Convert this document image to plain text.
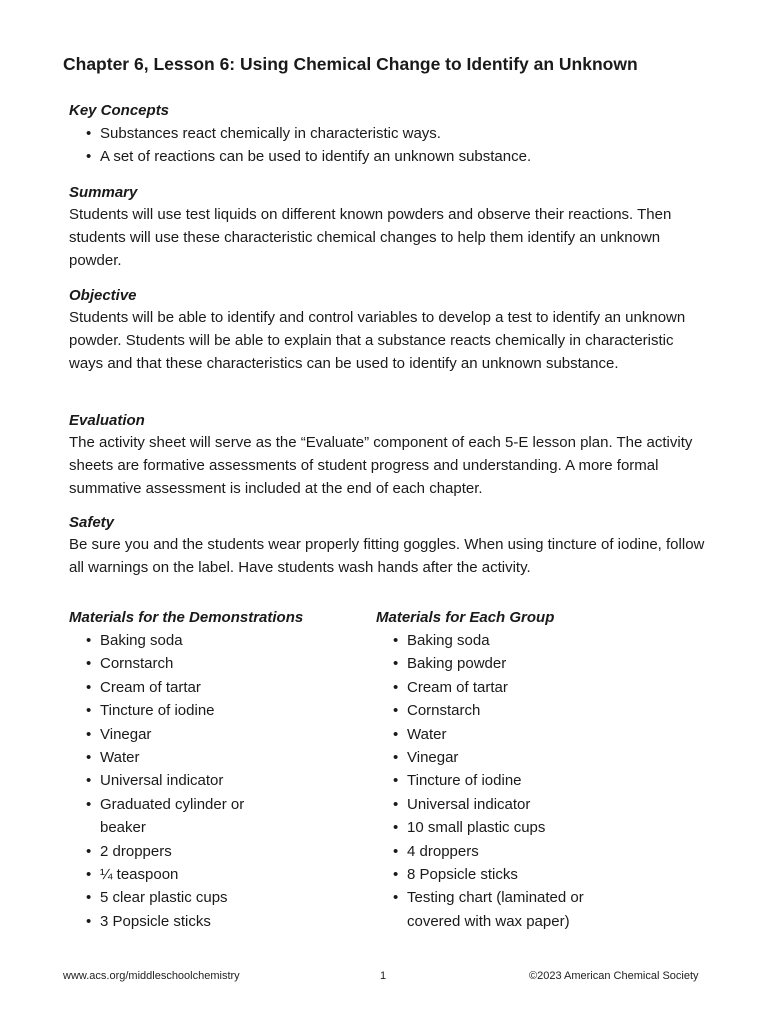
Chapter 6, Lesson 6: Using Chemical Change to Identify an Unknown
Key Concepts
• Substances react chemically in characteristic ways.
• A set of reactions can be used to identify an unknown substance.
Summary

Students will use test liquids on different known powders and observe their reactions. Then students will use these characteristic chemical changes to help them identify an unknown powder.

Objective

Students will be able to identify and control variables to develop a test to identify an unknown powder. Students will be able to explain that a substance reacts chemically in characteristic ways and that these characteristics can be used to identify an unknown substance.

Evaluation

The activity sheet will serve as the “Evaluate” component of each 5-E lesson plan. The activity sheets are formative assessments of student progress and understanding. A more formal summative assessment is included at the end of each chapter.

Safety

Be sure you and the students wear properly fitting goggles. When using tincture of iodine, follow all warnings on the label. Have students wash hands after the activity.

Materials for the Demonstrations
• Baking soda
• Cornstarch
• Cream of tartar
• Tincture of iodine
• Vinegar
• Water
• Universal indicator
• Graduated cylinder or beaker
• 2 droppers
• ¼ teaspoon
• 5 clear plastic cups
• 3 Popsicle sticks
Materials for Each Group
• Baking soda
• Baking powder
• Cream of tartar
• Cornstarch
• Water
• Vinegar
• Tincture of iodine
• Universal indicator
• 10 small plastic cups
• 4 droppers
• 8 Popsicle sticks
• Testing chart (laminated or covered with wax paper)
www.acs.org/middleschoolchemistry	1	©2023 American Chemical Society
